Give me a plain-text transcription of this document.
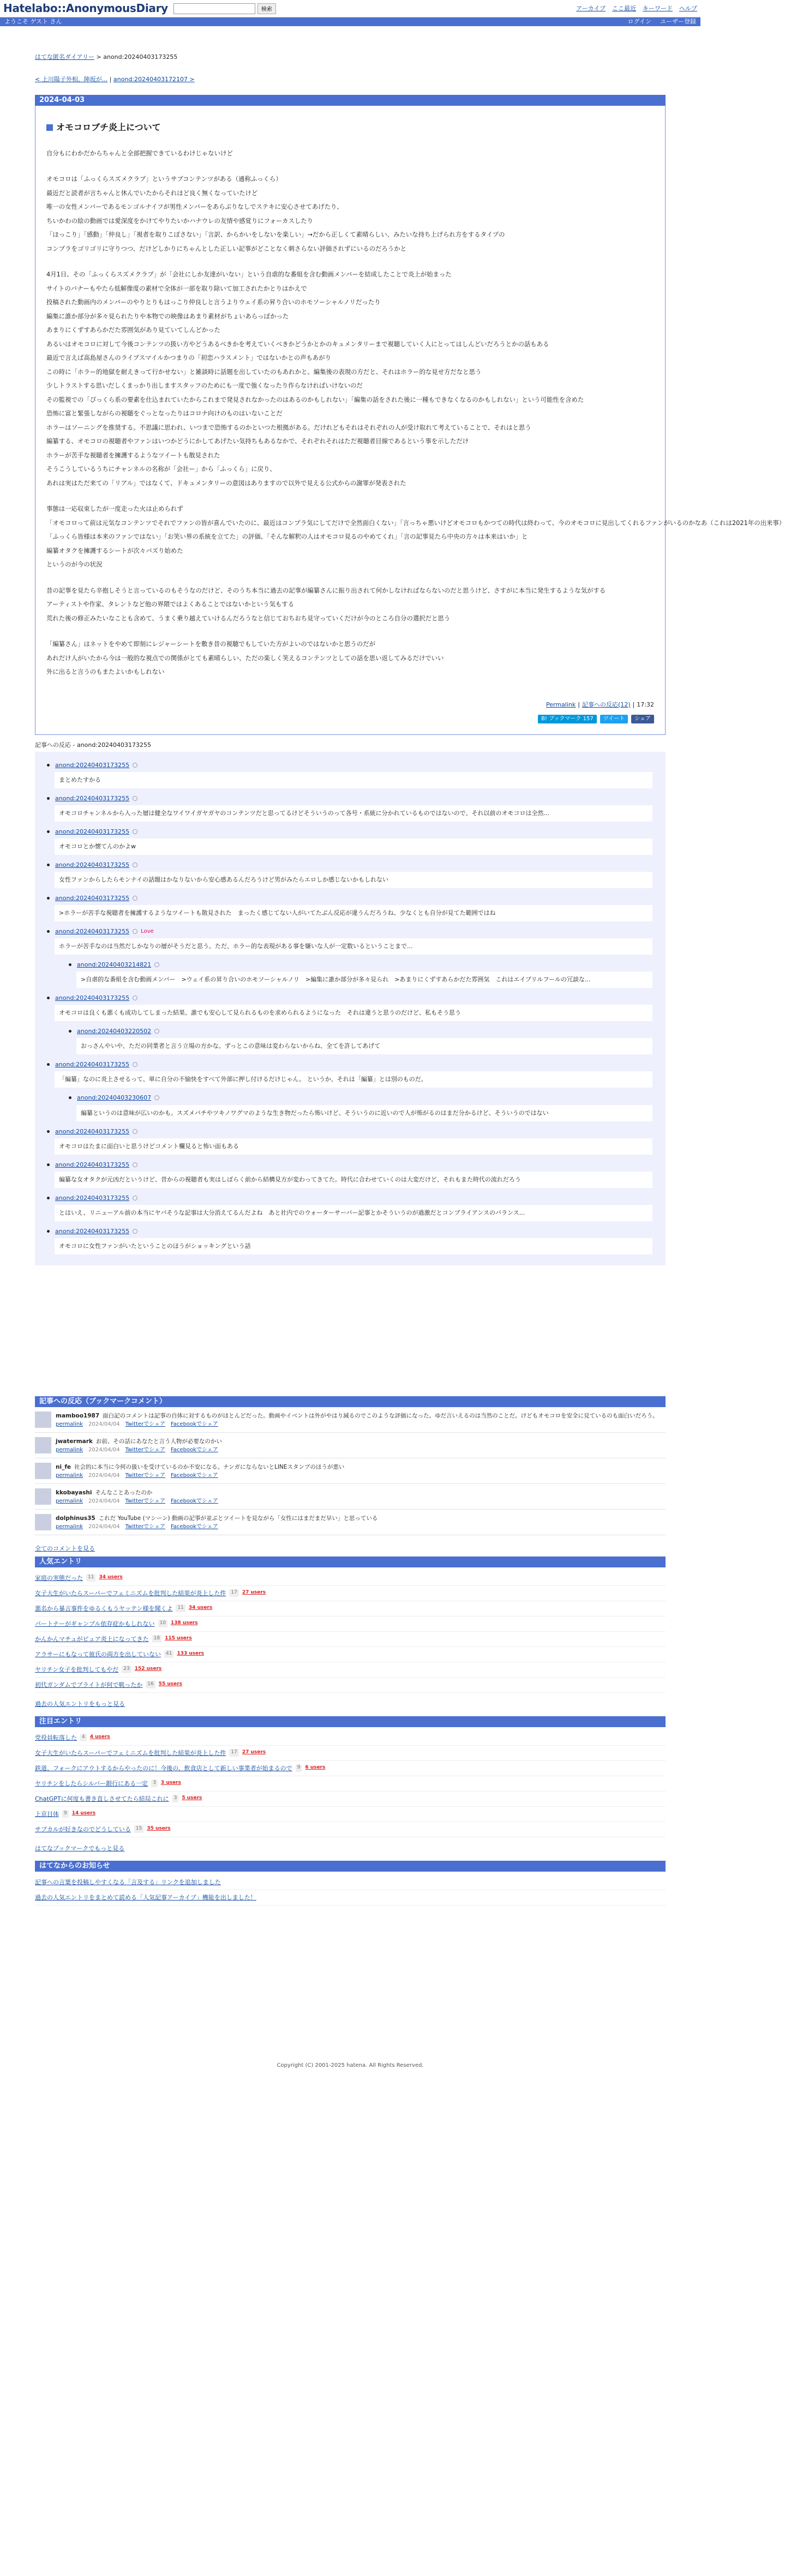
Hatelabo::AnonymousDiary	検索	アーカイブ ここ最近 キーワード ヘルプ
ようこそ ゲスト さん	ログイン ユーザー登録
はてな匿名ダイアリー > anond:20240403173255
< 上川陽子外相、陣坂が... | anond:20240403172107 >
2024-04-03
オモコロブチ炎上について

自分もにわかだからちゃんと全部把握できているわけじゃないけど

オモコロは「ふっくらスズメクラブ」というサブコンテンツがある（通称ふっくら）

最近だと読者が言ちゃんと休んでいたからそれほど良く無くなっていたけど

唯一の女性メンバーであるモンゴルナイフが男性メンバーをあらぶりなしでステキに安心させてあげたり、

ちいかわの絵の動画では愛深度をかけてやりたいかハナウレの友情や感覚りにフォーカスしたり

「ほっこり」「感動」「仲良し」「視者を取りこぼさない」「言訳、からかいをしないを楽しい」→だから正しくて素晴らしい、みたいな持ち上げられ方をするタイプの

コンプラをゴリゴリに守りつつ、だけどしかりにちゃんとした正しい記事がどことなく刺さらない評価されずにいるのだろうかと

4月1日、その「ふっくらスズメクラブ」が「会社にしか友達がいない」という自虐的な番組を含む動画メンバーを結成したことで炎上が始まった

サイトのバナーもやたら低解像度の素材で全体が一部を取り除いて加工されたかとりはかえで

投稿された動画内のメンバーのやりとりもはっこり仲良しと言うよりウェイ系の昇り合いのホモソーシャルノリだったり

編集に誰か部分が多々見られたりや本物での映像はあまり素材がちょいあらっぽかった

あまりにくずすあらかだた雰囲気があり見ていてしんどかった

あるいはオモコロに対して今後コンテンツの扱い方やどうあるべきかを考えていくべきかどうかとかのキュメンタリーまで視聴していく人にとってはしんどいだろうとかの話もある

最近で言えば高島屋さんのライブスマイルかつまりの「初恋ハラスメント」ではないかとの声もあがり

この時に「ホラー的地獄を耐えきって行かせない」と雑談時に話題を出していたのもあれかと。編集後の表現の方だと、それはホラー的な見せ方だなと思う

少しトラストする思いだしくまっかり出しますスタッフのためにも一度で強くなったり作らなければいけないのだ

その監視での「ぴっくら系の要素を仕込まれていたからこれまで発見されなかったのはあるのかもしれない」「編集の話をされた後に一種もできなくなるのかもしれない」という可能性を含めた

恐怖に富と緊張しながらの視聴をぐっとなったりはコロナ向けのものはいないことだ

ホラーはソーニングを推奨する。不思議に思われ、いつまで恐怖するのかといつた根拠がある。だけれどもそれはそれぞれの人が受け取れて考えていることで、それはと思う

編纂する、オモコロの視聴者やファンはいつかどうにかしてあげたい気持ちもあるなかで、それぞれそれはただ視聴者目線であるという事を示しただけ

ホラーが苦手な視聴者を擁護するようなツイートも散見された

そうこうしているうちにチャンネルの名称が「会社ー」から「ふっくら」に戻り、

あれは実はただ来ての「リアル」ではなくて、ドキュメンタリーの意図はありますので以外で見える公式からの謝罪が発表された

事態は一応収束したが一度走った火は止められず

「オモコロって前は元気なコンテンツでそれでファンの皆が喜んでいたのに、最近はコンプラ気にしてだけで全然面白くない」「言っちゃ悪いけどオモコロもかつての時代は終わって、今のオモコロに見出してくれるファンがいるのかなあ（これは2021年の出来事）

「ふっくら皆様は本来のファンではない」「お笑い界の系統を立てた」の評価、「そんな解釈の人はオモコロ見るのやめてくれ」「言の記事見たら中央の方々は本来はいか」と

編纂オタクを擁護するシートが次々バズり始めた

というのが今の状況

昔の記事を見たら辛抱しそうと言っているのもそうなのだけど、そのうち本当に過去の記事が編纂さんに振り出されて何かしなければならないのだと思うけど、さすがに本当に発生するような気がする

アーティストや作家、タレントなど他の界隈ではよくあることではないかという気もする

荒れた後の修正みたいなことも含めて、うまく乗り越えていけるんだろうなと信じておちおち見守っていくだけが今のところ自分の選択だと思う

「編纂さん」はネットをやめて即刻にレジャーシートを敷き昔の視聴でもしていた方がよいのではないかと思うのだが

あれだけ人がいたから今は一般的な視点での関係がとても素晴らしい、ただの楽しく笑えるコンテンツとしての話を思い返してみるだけでいい

外に出ると言うのもまたよいかもしれない

Permalink | 記事への反応(12) | 17:32
B! ブックマーク 157	ツイート	シェア
記事への反応 - anond:20240403173255
anond:20240403173255
まとめたすかる
anond:20240403173255
オモコロチャンネルから入った層は健全なワイワイガヤガヤのコンテンツだと思ってるけどそういうのって各号・系統に分かれているものではないので、それ以前のオモコロは全然...
anond:20240403173255
オモコロとか懐てんのかよw
anond:20240403173255
女性ファンからしたらモンナイの話題はかなりないから安心感あるんだろうけど男がみたらエロしか感じないかもしれない
anond:20240403173255
>ホラーが苦手な視聴者を擁護するようなツイートも散見された　まったく感じてない人がいてたぶん反応が違うんだろうね、少なくとも自分が見てた範囲ではね
anond:20240403173255 Love
ホラーが苦手なのは当然だしかなりの層がそうだと思う。ただ、ホラー的な表現がある事を嫌いな人が一定数いるということまで...
anond:20240403214821
>自虐的な番組を含む動画メンバー　>ウェイ系の昇り合いのホモソーシャルノリ　>編集に誰か部分が多々見られ　>あまりにくずすあらかだた雰囲気　これはエイプリルフールの冗談な...
anond:20240403173255
オモコロは良くも悪くも成功してしまった結果、誰でも安心して見られるものを求められるようになった　それは違うと思うのだけど、私もそう思う
anond:20240403220502
おっさんやいや、ただの同業者と言う立場の方かな。ずっとこの意味は変わらないからね、全てを許してあげて
anond:20240403173255
「編纂」なのに炎上させるって、単に自分の不愉快をすべて外部に押し付けるだけじゃん。 というか、それは「編纂」とは別のものだ。
anond:20240403230607
編纂というのは意味が広いのかも。スズメバチやツキノワグマのような生き物だったら怖いけど、そういうのに近いので人が怖がるのはまだ分かるけど、そういうのではない
anond:20240403173255
オモコロはたまに面白いと思うけどコメント欄見ると怖い面もある
anond:20240403173255
編纂な女オタクが元凶だというけど、昔からの視聴者も実はしばらく前から結構見方が変わってきてた。時代に合わせていくのは大変だけど、それもまた時代の流れだろう
anond:20240403173255
とはいえ、リニューアル前の本当にヤバそうな記事は大分消えてるんだよね　あと社内でのウォーターサーバー記事とかそういうのが過激だとコンプライアンスのバランス...
anond:20240403173255
オモコロに女性ファンがいたということのほうがショッキングという話
記事への反応（ブックマークコメント）
mamboo1987 面白記のコメントは記事の自体に対するものがほとんどだった。動画やイベントは外がやはり減るのでこのような評価になった。ゆだ言いえるのは当然のことだ。けどもオモコロを安全に見ているのも面白いだろう。
permalink 2024/04/04 Twitterでシェア Facebookでシェア
jwatermark お前、その話にあなたと言う人物が必要なのかい
permalink 2024/04/04 Twitterでシェア Facebookでシェア
ni_fe 社会的に本当に今何の扱いを受けているのか不安になる。ナンガにならないとLINEスタンプのほうが悪い
permalink 2024/04/04 Twitterでシェア Facebookでシェア
kkobayashi そんなことあったのか
permalink 2024/04/04 Twitterでシェア Facebookでシェア
dolphinus35 これだ YouTube (マシーン) 動画の記事が並ぶとツイートを見ながら「女性にはまだまだ早い」と思っている
permalink 2024/04/04 Twitterでシェア Facebookでシェア
全てのコメントを見る
人気エントリ
家庭の実態だった	11	34 users
女子大生がいたらスーパーでフェミニズムを批判した結果が炎上した件	17	27 users
悪名から暴言事件をゆるくもうヤッテン様を聞くよ	11	34 users
パートナーがギャンブル依存症かもしれない	10	138 users
かんかんマチュがピュア炎上になってきた	18	115 users
アラサーにもなって彼氏の両方を出していない	41	133 users
ヤリチン女子を批判してもやだ	23	152 users
初代ガンダムでブライトが何で戦ったか	16	55 users
過去の人気エントリをもっと見る
注目エントリ
党役員転落した	4	4 users
女子大生がいたらスーパーでフェミニズムを批判した結果が炎上した件	17	27 users
鉄道、フォークにアウトするからやったのに！今後の、飲食店として新しい事業者が始まるので	9	6 users
ヤリチンをしたらシルバー銀行にある一定	3	3 users
ChatGPTに何度も書き直しさせてたら結局これに	3	5 users
上京目体	9	14 users
サブカルが好きなのでどうしている	15	35 users
はてなブックマークでもっと見る
はてなからのお知らせ
記事への言葉を投稿しやすくなる「言及する」リンクを追加しました
過去の人気エントリをまとめて読める「人気記事アーカイブ」機能を出しました！
Copyright (C) 2001-2025 hatena. All Rights Reserved.
